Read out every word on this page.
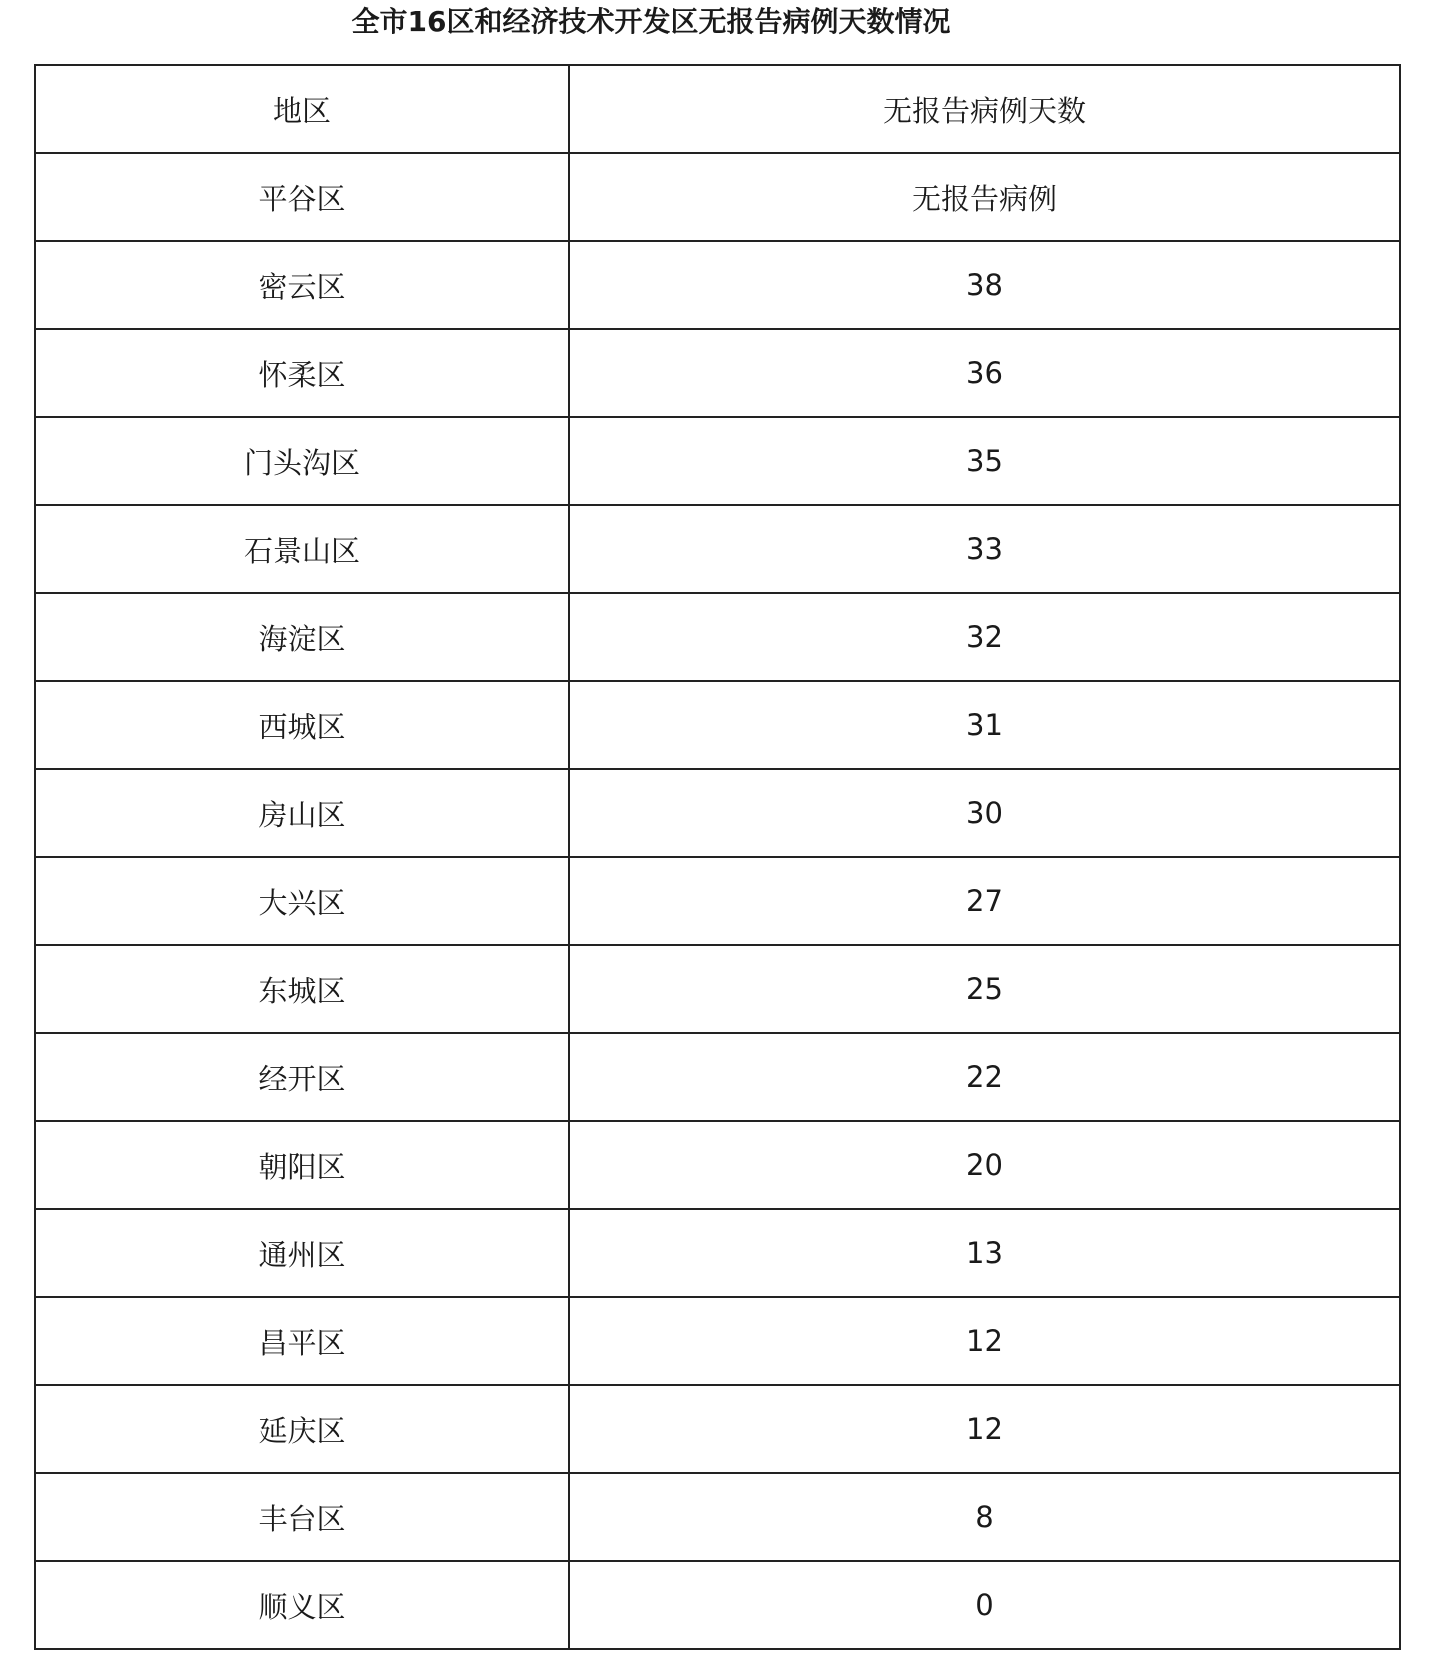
全市16区和经济技术开发区无报告病例天数情况
地区	无报告病例天数
平谷区	无报告病例
密云区	38
怀柔区	36
门头沟区	35
石景山区	33
海淀区	32
西城区	31
房山区	30
大兴区	27
东城区	25
经开区	22
朝阳区	20
通州区	13
昌平区	12
延庆区	12
丰台区	8
顺义区	0
